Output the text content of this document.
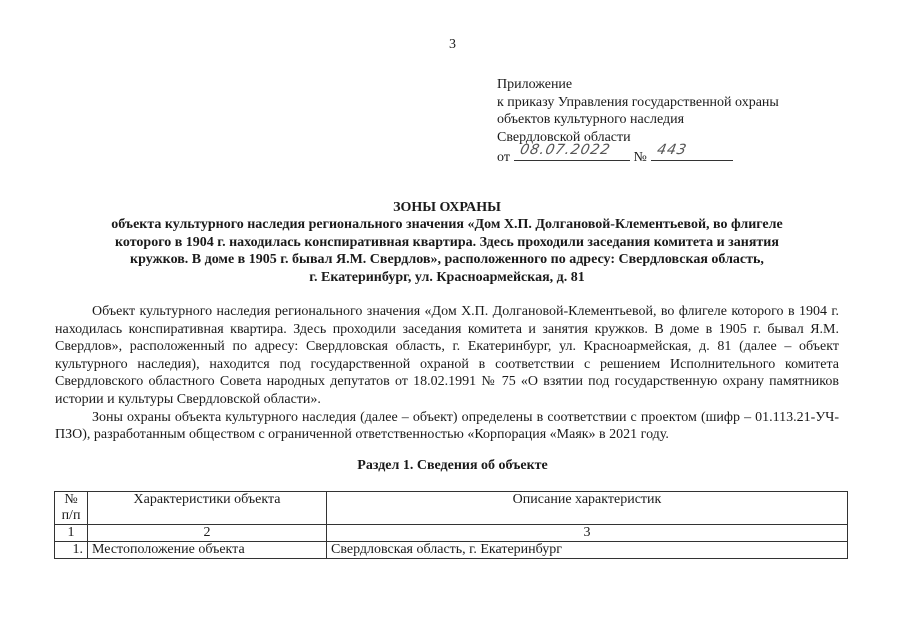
3
Приложение
к приказу Управления государственной охраны
объектов культурного наследия
Свердловской области
от
08.07.2022
№
443
ЗОНЫ ОХРАНЫ
объекта культурного наследия регионального значения «Дом Х.П. Долгановой-Клементьевой, во флигеле
которого в 1904 г. находилась конспиративная квартира. Здесь проходили заседания комитета и занятия
кружков. В доме в 1905 г. бывал Я.М. Свердлов», расположенного по адресу: Свердловская область,
г. Екатеринбург, ул. Красноармейская, д. 81

Объект культурного наследия регионального значения «Дом Х.П. Долгановой-Клементьевой, во флигеле которого в 1904 г. находилась конспиративная квартира. Здесь проходили заседания комитета и занятия кружков. В доме в 1905 г. бывал Я.М. Свердлов», расположенный по адресу: Свердловская область, г. Екатеринбург, ул. Красноармейская, д. 81 (далее – объект культурного наследия), находится под государственной охраной в соответствии с решением Исполнительного комитета Свердловского областного Совета народных депутатов от 18.02.1991 № 75 «О взятии под государственную охрану памятников истории и культуры Свердловской области».

Зоны охраны объекта культурного наследия (далее – объект) определены в соответствии с проектом (шифр – 01.113.21-УЧ-ПЗО), разработанным обществом с ограниченной ответственностью «Корпорация «Маяк» в 2021 году.

Раздел 1. Сведения об объекте
№ п/п	Характеристики объекта	Описание характеристик
1	2	3
1.	Местоположение объекта	Свердловская область, г. Екатеринбург
